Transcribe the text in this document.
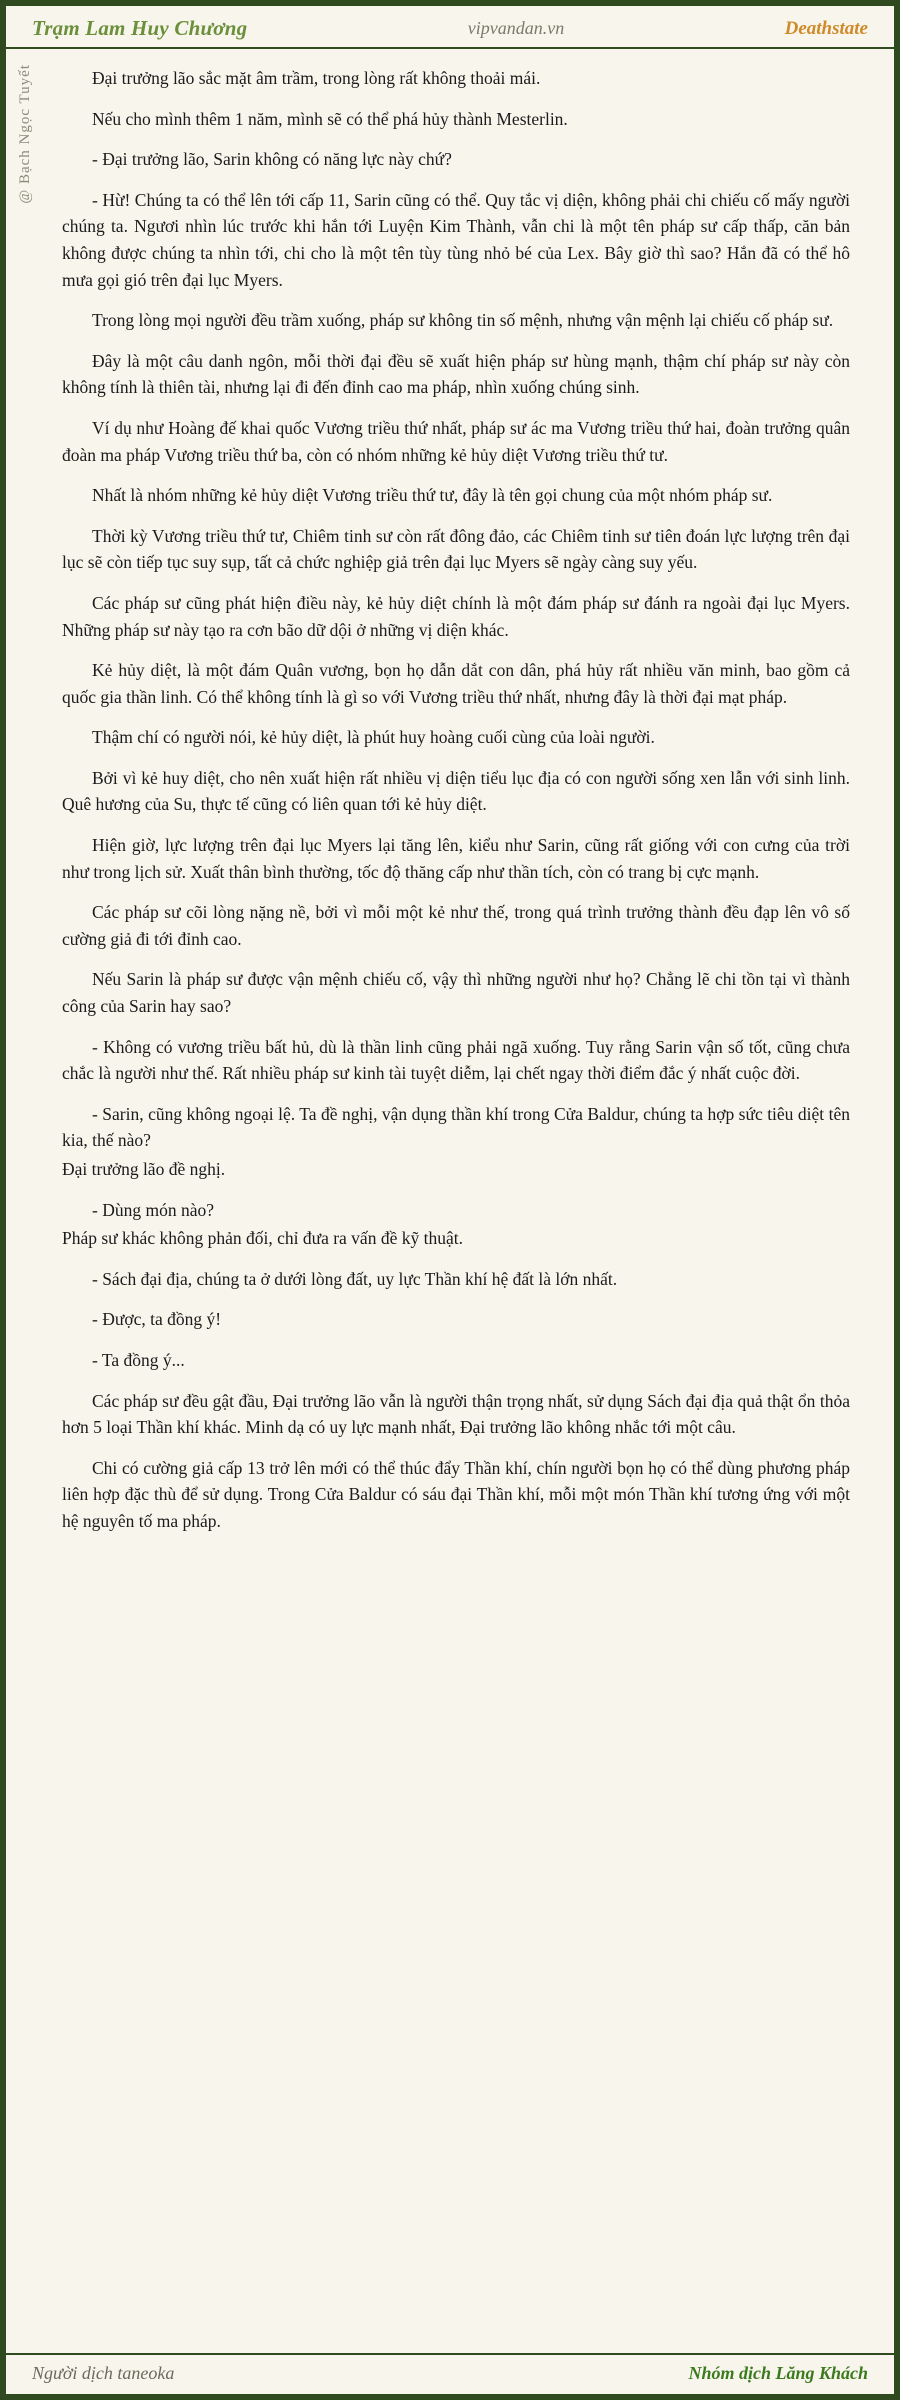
Trạm Lam Huy Chương	vipvandan.vn	Deathstate
@ Bạch Ngọc Tuyết	Đại trưởng lão sắc mặt âm trầm, trong lòng rất không thoải mái.

Nếu cho mình thêm 1 năm, mình sẽ có thể phá hủy thành Mesterlin.

- Đại trưởng lão, Sarin không có năng lực này chứ?

- Hừ! Chúng ta có thể lên tới cấp 11, Sarin cũng có thể. Quy tắc vị diện, không phải chi chiếu cố mấy người chúng ta. Ngươi nhìn lúc trước khi hắn tới Luyện Kim Thành, vẫn chi là một tên pháp sư cấp thấp, căn bản không được chúng ta nhìn tới, chi cho là một tên tùy tùng nhỏ bé của Lex. Bây giờ thì sao? Hắn đã có thể hô mưa gọi gió trên đại lục Myers.

Trong lòng mọi người đều trầm xuống, pháp sư không tin số mệnh, nhưng vận mệnh lại chiếu cố pháp sư.

Đây là một câu danh ngôn, mỗi thời đại đều sẽ xuất hiện pháp sư hùng mạnh, thậm chí pháp sư này còn không tính là thiên tài, nhưng lại đi đến đỉnh cao ma pháp, nhìn xuống chúng sinh.

Ví dụ như Hoàng đế khai quốc Vương triều thứ nhất, pháp sư ác ma Vương triều thứ hai, đoàn trưởng quân đoàn ma pháp Vương triều thứ ba, còn có nhóm những kẻ hủy diệt Vương triều thứ tư.

Nhất là nhóm những kẻ hủy diệt Vương triều thứ tư, đây là tên gọi chung của một nhóm pháp sư.

Thời kỳ Vương triều thứ tư, Chiêm tinh sư còn rất đông đảo, các Chiêm tinh sư tiên đoán lực lượng trên đại lục sẽ còn tiếp tục suy sụp, tất cả chức nghiệp giả trên đại lục Myers sẽ ngày càng suy yếu.

Các pháp sư cũng phát hiện điều này, kẻ hủy diệt chính là một đám pháp sư đánh ra ngoài đại lục Myers. Những pháp sư này tạo ra cơn bão dữ dội ở những vị diện khác.

Kẻ hủy diệt, là một đám Quân vương, bọn họ dẫn dắt con dân, phá hủy rất nhiều văn minh, bao gồm cả quốc gia thần linh. Có thể không tính là gì so với Vương triều thứ nhất, nhưng đây là thời đại mạt pháp.

Thậm chí có người nói, kẻ hủy diệt, là phút huy hoàng cuối cùng của loài người.

Bởi vì kẻ huy diệt, cho nên xuất hiện rất nhiều vị diện tiểu lục địa có con người sống xen lẫn với sinh linh. Quê hương của Su, thực tế cũng có liên quan tới kẻ hủy diệt.

Hiện giờ, lực lượng trên đại lục Myers lại tăng lên, kiểu như Sarin, cũng rất giống với con cưng của trời như trong lịch sử. Xuất thân bình thường, tốc độ thăng cấp như thần tích, còn có trang bị cực mạnh.

Các pháp sư cõi lòng nặng nề, bởi vì mỗi một kẻ như thế, trong quá trình trưởng thành đều đạp lên vô số cường giả đi tới đỉnh cao.

Nếu Sarin là pháp sư được vận mệnh chiếu cố, vậy thì những người như họ? Chẳng lẽ chi tồn tại vì thành công của Sarin hay sao?

- Không có vương triều bất hủ, dù là thần linh cũng phải ngã xuống. Tuy rằng Sarin vận số tốt, cũng chưa chắc là người như thế. Rất nhiều pháp sư kinh tài tuyệt diễm, lại chết ngay thời điểm đắc ý nhất cuộc đời.

- Sarin, cũng không ngoại lệ. Ta đề nghị, vận dụng thần khí trong Cửa Baldur, chúng ta hợp sức tiêu diệt tên kia, thế nào?

Đại trưởng lão đề nghị.

- Dùng món nào?

Pháp sư khác không phản đối, chỉ đưa ra vấn đề kỹ thuật.

- Sách đại địa, chúng ta ở dưới lòng đất, uy lực Thần khí hệ đất là lớn nhất.

- Được, ta đồng ý!

- Ta đồng ý...

Các pháp sư đều gật đầu, Đại trưởng lão vẫn là người thận trọng nhất, sử dụng Sách đại địa quả thật ổn thỏa hơn 5 loại Thần khí khác. Minh dạ có uy lực mạnh nhất, Đại trưởng lão không nhắc tới một câu.

Chi có cường giả cấp 13 trở lên mới có thể thúc đẩy Thần khí, chín người bọn họ có thể dùng phương pháp liên hợp đặc thù để sử dụng. Trong Cửa Baldur có sáu đại Thần khí, mỗi một món Thần khí tương ứng với một hệ nguyên tố ma pháp.

Người dịch taneoka	Nhóm dịch Lăng Khách
